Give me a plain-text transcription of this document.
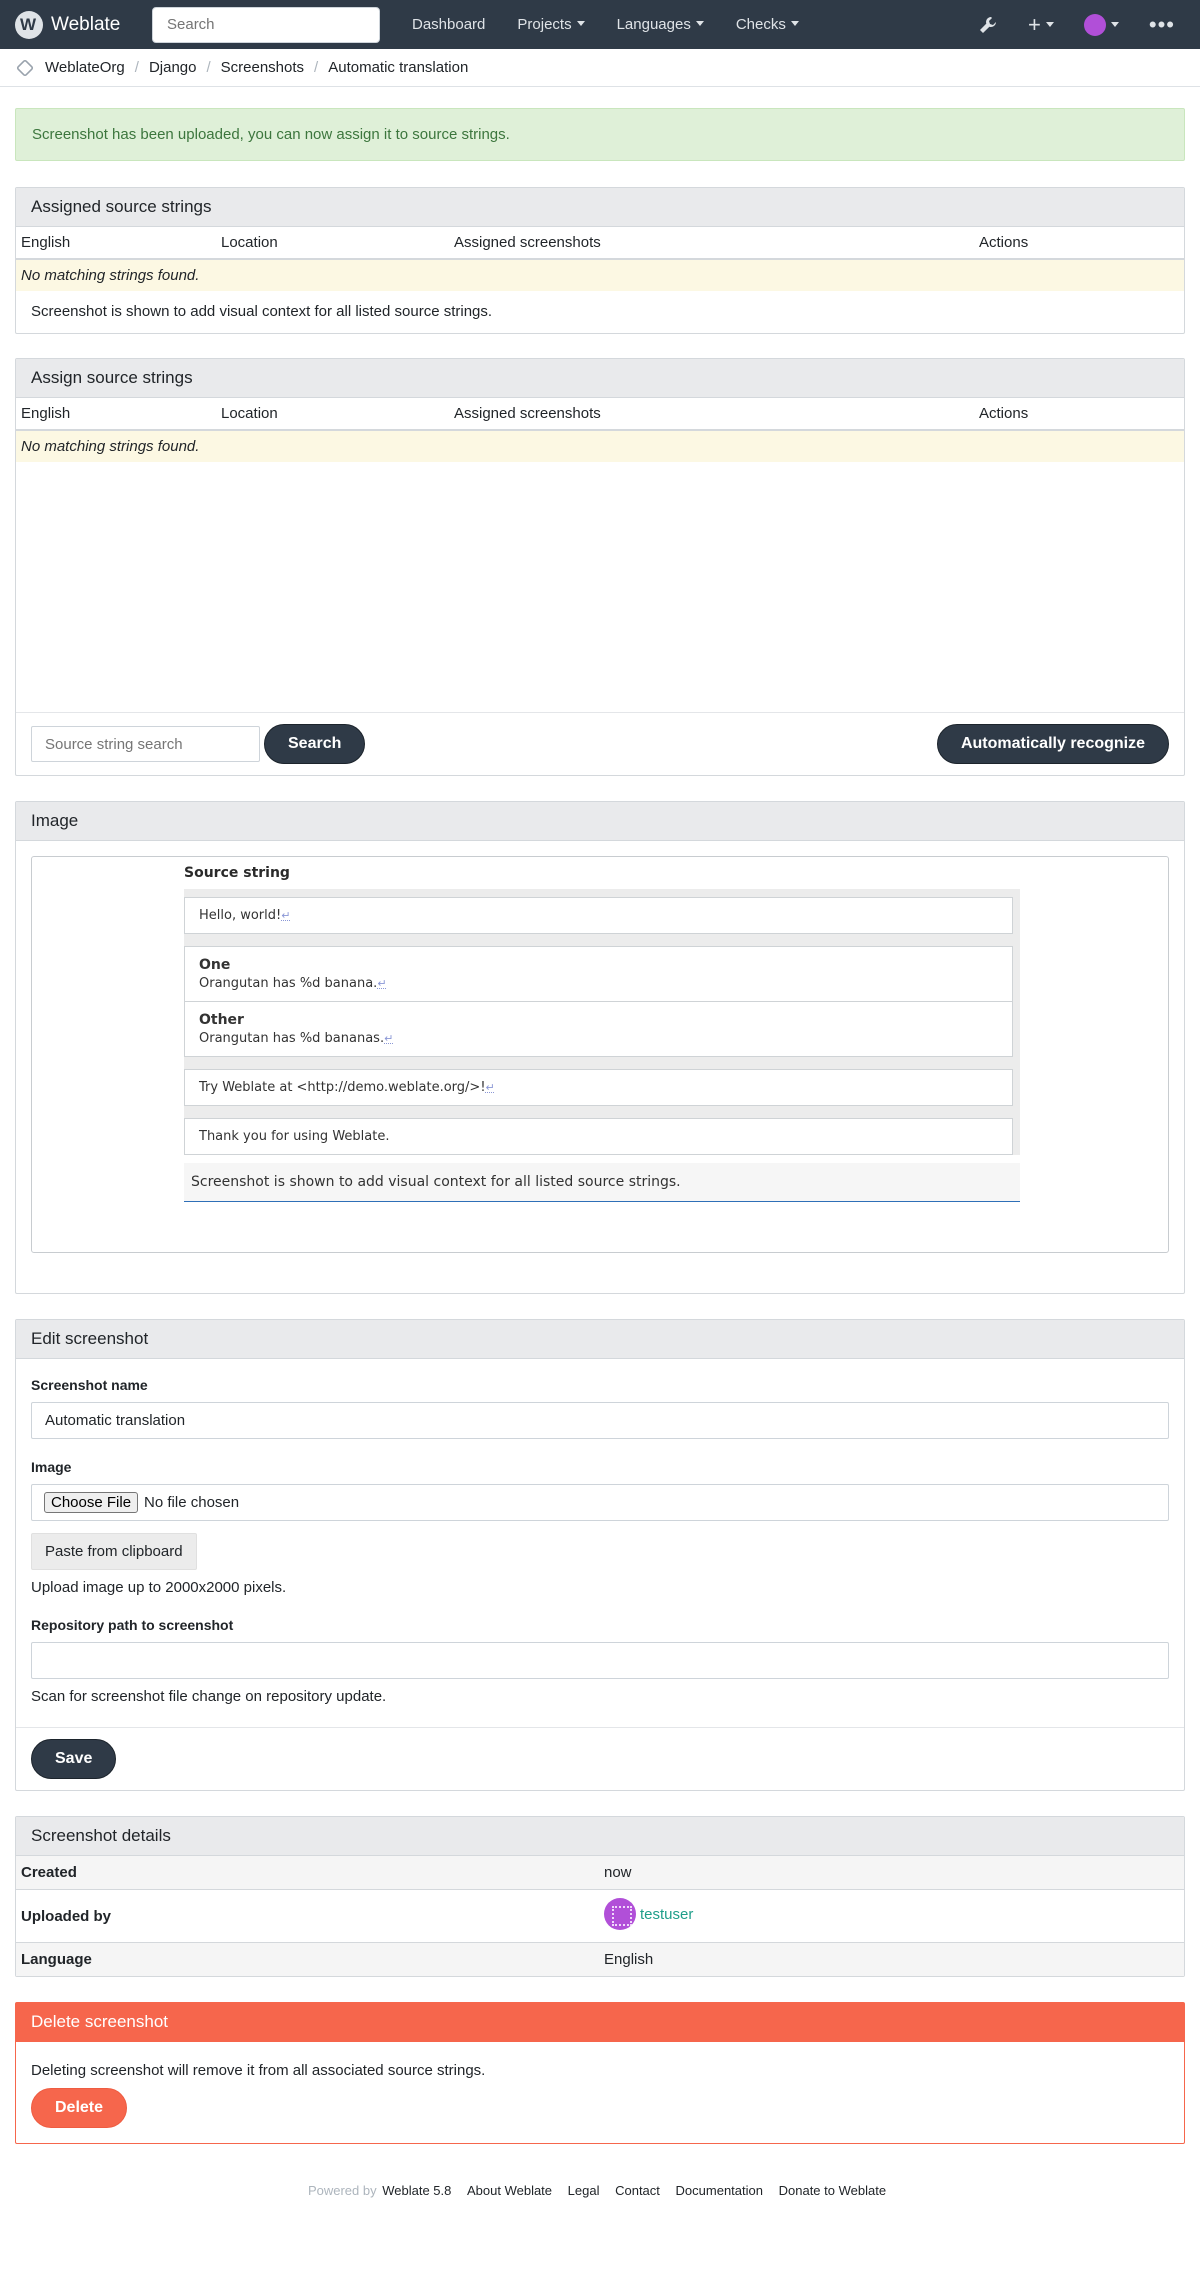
W
Weblate
Search	Dashboard	Projects	Languages	Checks	+	•••
WeblateOrg / Django / Screenshots / Automatic translation
Screenshot has been uploaded, you can now assign it to source strings.
Assigned source strings
English	Location	Assigned screenshots	Actions
No matching strings found.
Screenshot is shown to add visual context for all listed source strings.
Assign source strings
English	Location	Assigned screenshots	Actions
No matching strings found.
Source string search
Search	Automatically recognize
Image
Source string
Hello, world!↵
One
Orangutan has %d banana.↵
Other
Orangutan has %d bananas.↵
Try Weblate at <http://demo.weblate.org/>!↵
Thank you for using Weblate.
Screenshot is shown to add visual context for all listed source strings.
Edit screenshot
Screenshot name
Automatic translation
Image
Choose File No file chosen
Paste from clipboard
Upload image up to 2000x2000 pixels.
Repository path to screenshot
Scan for screenshot file change on repository update.
Save
Screenshot details
Created	now
Uploaded by	testuser

Language	English
Delete screenshot
Deleting screenshot will remove it from all associated source strings.
Delete
Powered by Weblate 5.8 About Weblate Legal Contact Documentation Donate to Weblate
